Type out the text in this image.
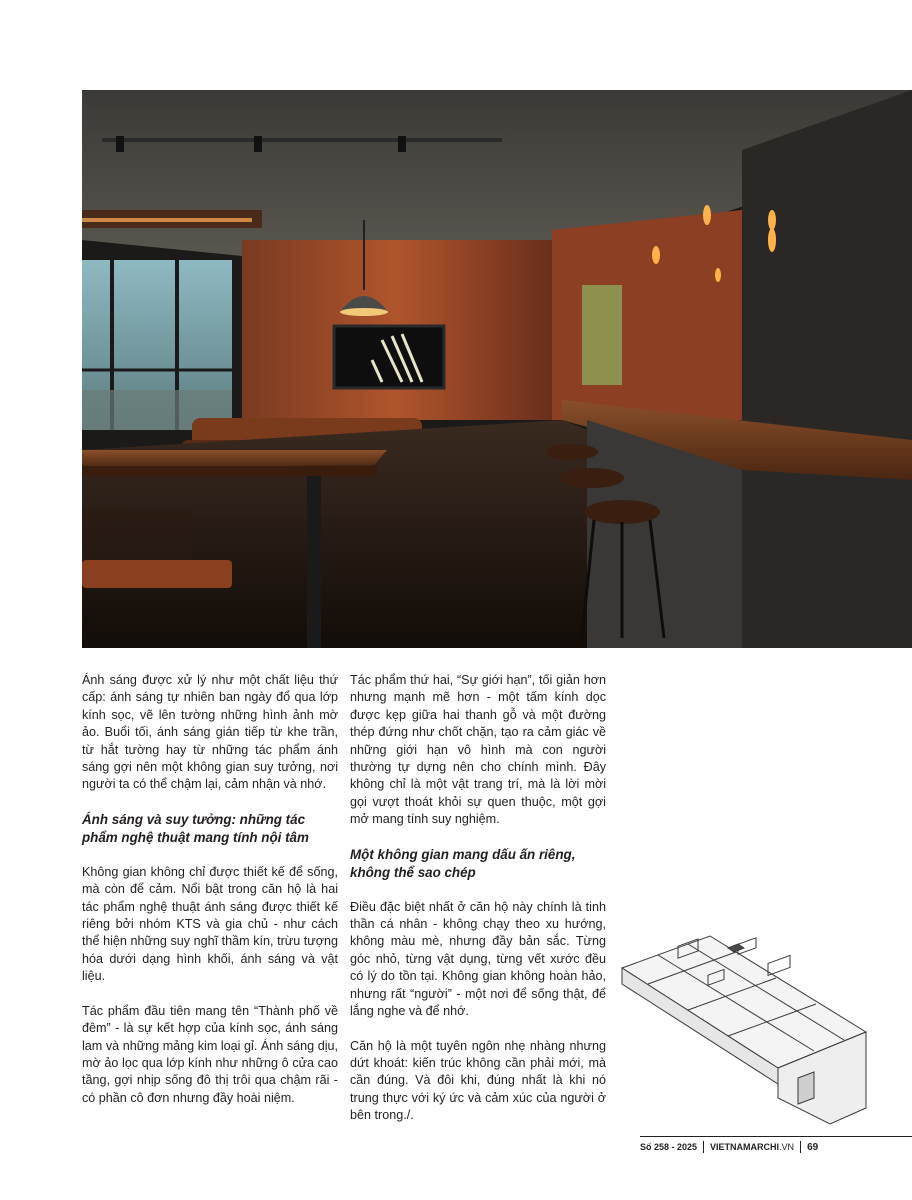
Ánh sáng được xử lý như một chất liệu thứ cấp: ánh sáng tự nhiên ban ngày đổ qua lớp kính sọc, vẽ lên tường những hình ảnh mờ ảo. Buổi tối, ánh sáng gián tiếp từ khe trần, từ hắt tường hay từ những tác phẩm ánh sáng gợi nên một không gian suy tưởng, nơi người ta có thể chậm lại, cảm nhận và nhớ.

Ánh sáng và suy tưởng: những tác phẩm nghệ thuật mang tính nội tâm

Không gian không chỉ được thiết kế để sống, mà còn để cảm. Nổi bật trong căn hộ là hai tác phẩm nghệ thuật ánh sáng được thiết kế riêng bởi nhóm KTS và gia chủ - như cách thể hiện những suy nghĩ thầm kín, trừu tượng hóa dưới dạng hình khối, ánh sáng và vật liệu.

Tác phẩm đầu tiên mang tên “Thành phố về đêm” - là sự kết hợp của kính sọc, ánh sáng lam và những mảng kim loại gỉ. Ánh sáng dịu, mờ ảo lọc qua lớp kính như những ô cửa cao tầng, gợi nhịp sống đô thị trôi qua chậm rãi - có phần cô đơn nhưng đầy hoài niệm.

Tác phẩm thứ hai, “Sự giới hạn”, tối giản hơn nhưng mạnh mẽ hơn - một tấm kính dọc được kẹp giữa hai thanh gỗ và một đường thép đứng như chốt chặn, tạo ra cảm giác về những giới hạn vô hình mà con người thường tự dựng nên cho chính mình. Đây không chỉ là một vật trang trí, mà là lời mời gọi vượt thoát khỏi sự quen thuộc, một gợi mở mang tính suy nghiệm.

Một không gian mang dấu ấn riêng, không thể sao chép

Điều đặc biệt nhất ở căn hộ này chính là tinh thần cá nhân - không chạy theo xu hướng, không màu mè, nhưng đầy bản sắc. Từng góc nhỏ, từng vật dụng, từng vết xước đều có lý do tồn tại. Không gian không hoàn hảo, nhưng rất “người” - một nơi để sống thật, để lắng nghe và để nhớ.

Căn hộ là một tuyên ngôn nhẹ nhàng nhưng dứt khoát: kiến trúc không cần phải mới, mà cần đúng. Và đôi khi, đúng nhất là khi nó trung thực với ký ức và cảm xúc của người ở bên trong./.

Số 258 - 2025 VIETNAMARCHI.VN 69
